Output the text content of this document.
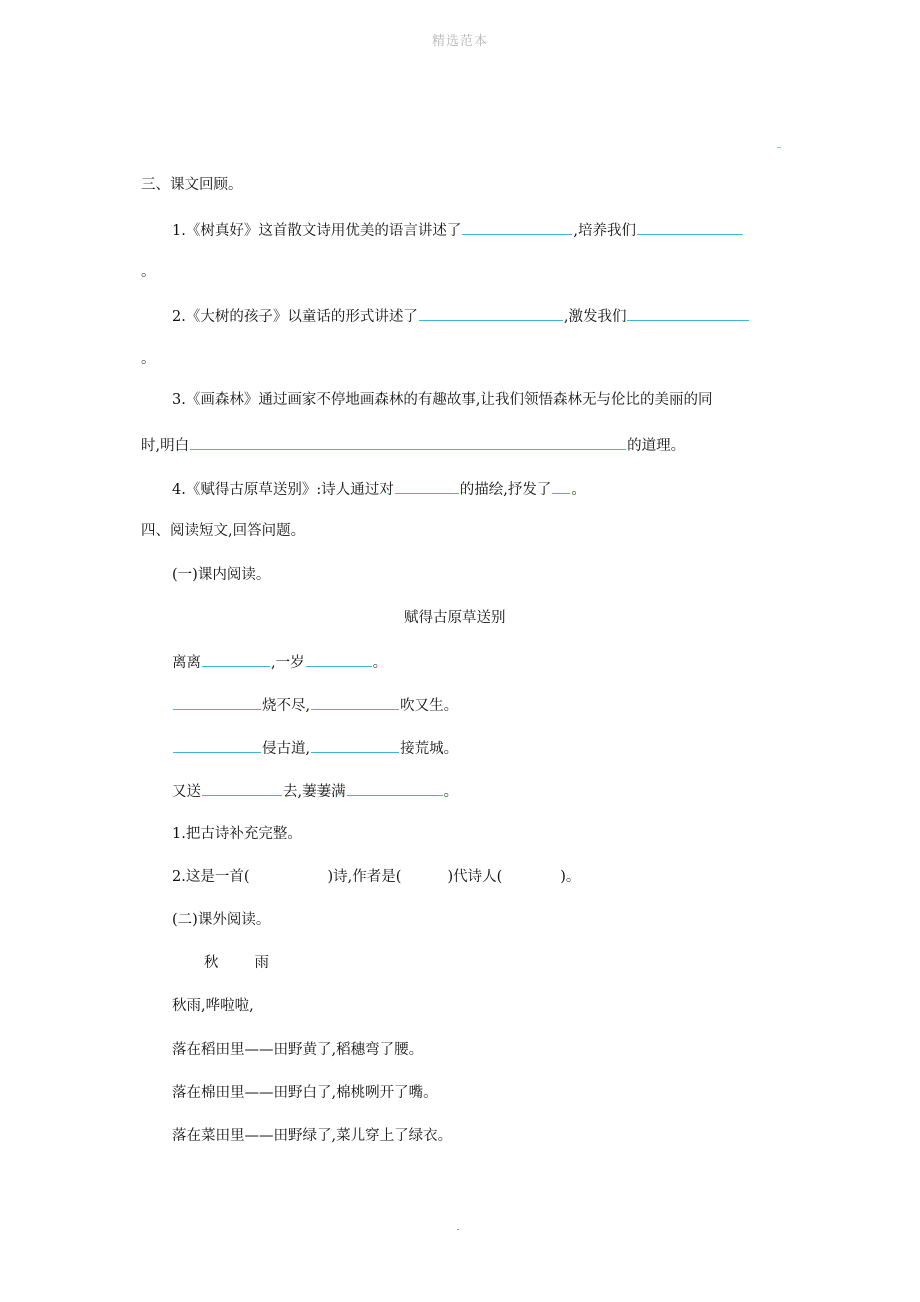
精选范本
三、课文回顾。
1.《树真好》这首散文诗用优美的语言讲述了	,培养我们
。
2.《大树的孩子》以童话的形式讲述了	,激发我们
。
3.《画森林》通过画家不停地画森林的有趣故事,让我们领悟森林无与伦比的美丽的同
时,明白	的道理。
4.《赋得古原草送别》:诗人通过对	的描绘,抒发了 。
四、阅读短文,回答问题。
(一)课内阅读。
赋得古原草送别
离离	,一岁	。
烧不尽,	吹又生。
侵古道,	接荒城。
又送	去,萋萋满	。
1.把古诗补充完整。
2.这是一首(	)诗,作者是(	)代诗人(	)。
(二)课外阅读。
秋 雨
秋雨,哗啦啦,
落在稻田里——田野黄了,稻穗弯了腰。
落在棉田里——田野白了,棉桃咧开了嘴。
落在菜田里——田野绿了,菜儿穿上了绿衣。
